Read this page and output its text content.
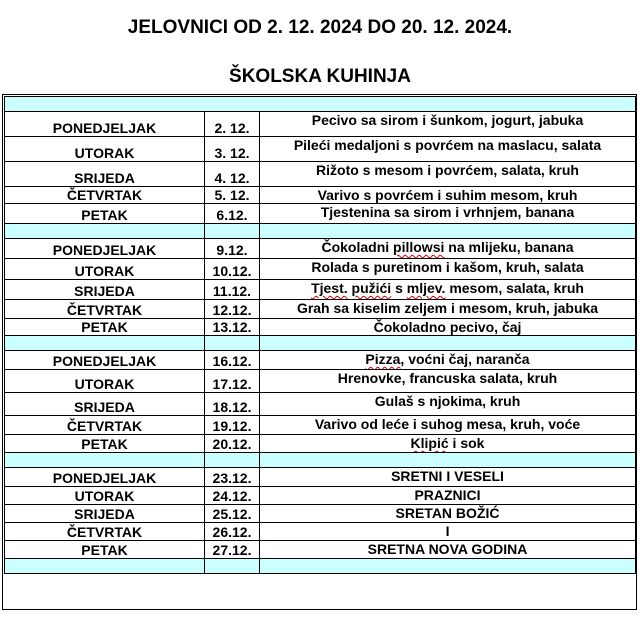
JELOVNICI OD 2. 12. 2024 DO 20. 12. 2024.
ŠKOLSKA KUHINJA

PONEDJELJAK	2. 12.	Pecivo sa sirom i šunkom, jogurt, jabuka
UTORAK	3. 12.	Pileći medaljoni s povrćem na maslacu, salata
SRIJEDA	4. 12.	Rižoto s mesom i povrćem, salata, kruh
ČETVRTAK	5. 12.	Varivo s povrćem i suhim mesom, kruh
PETAK	6.12.	Tjestenina sa sirom i vrhnjem, banana

PONEDJELJAK	9.12.	Čokoladni pillowsi na mlijeku, banana
UTORAK	10.12.	Rolada s puretinom i kašom, kruh, salata
SRIJEDA	11.12.	Tjest. pužići s mljev. mesom, salata, kruh
ČETVRTAK	12.12.	Grah sa kiselim zeljem i mesom, kruh, jabuka
PETAK	13.12.	Čokoladno pecivo, čaj

PONEDJELJAK	16.12.	Pizza, voćni čaj, naranča
UTORAK	17.12.	Hrenovke, francuska salata, kruh
SRIJEDA	18.12.	Gulaš s njokima, kruh
ČETVRTAK	19.12.	Varivo od leće i suhog mesa, kruh, voće
PETAK	20.12.	Klipić i sok

PONEDJELJAK	23.12.	SRETNI I VESELI
UTORAK	24.12.	PRAZNICI
SRIJEDA	25.12.	SRETAN BOŽIĆ
ČETVRTAK	26.12.	I
PETAK	27.12.	SRETNA NOVA GODINA
